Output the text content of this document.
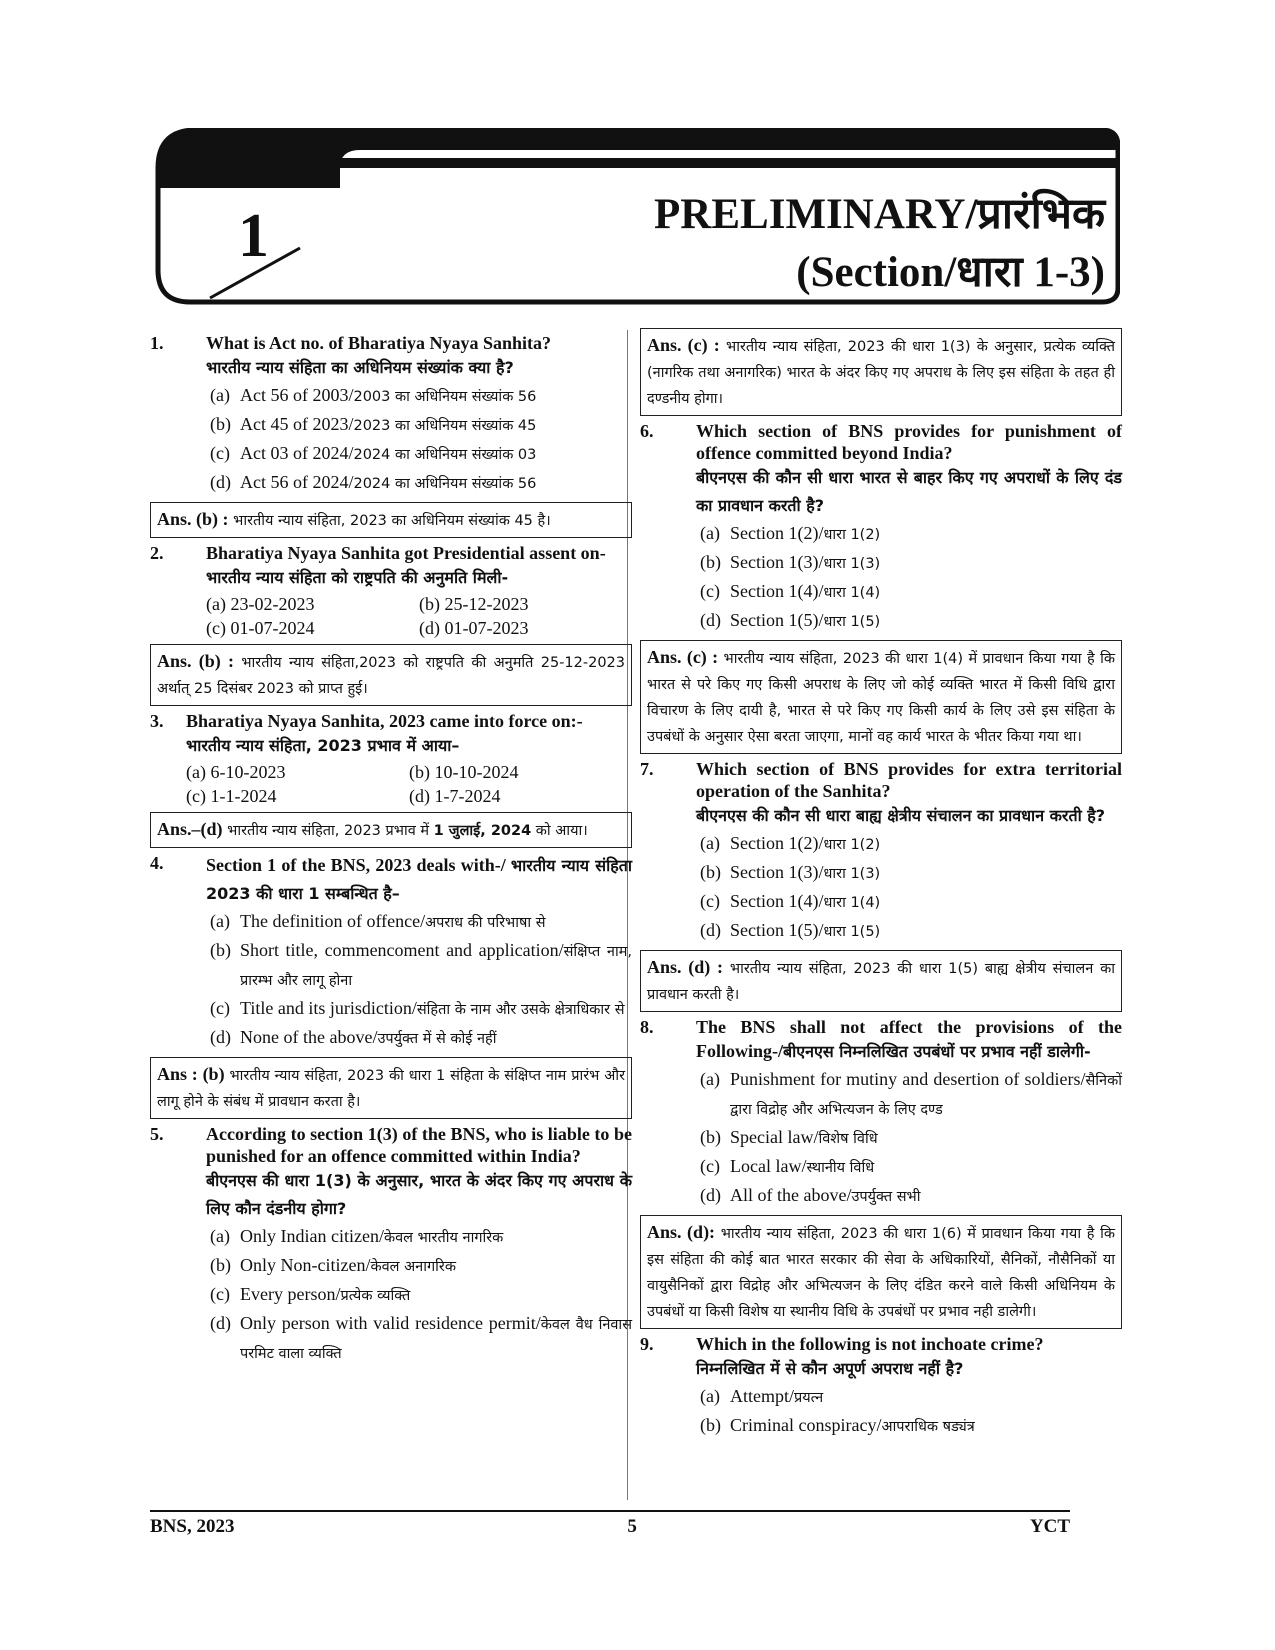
अध्याय
1	PRELIMINARY/प्रारंभिक
(Section/धारा 1-3)
1.	What is Act no. of Bharatiya Nyaya Sanhita?
भारतीय न्याय संहिता का अधिनियम संख्यांक क्या है?
(a) Act 56 of 2003/2003 का अधिनियम संख्यांक 56
(b) Act 45 of 2023/2023 का अधिनियम संख्यांक 45
(c) Act 03 of 2024/2024 का अधिनियम संख्यांक 03
(d) Act 56 of 2024/2024 का अधिनियम संख्यांक 56
Ans. (b) : भारतीय न्याय संहिता, 2023 का अधिनियम संख्यांक 45 है।
2.	Bharatiya Nyaya Sanhita got Presidential assent on-
भारतीय न्याय संहिता को राष्ट्रपति की अनुमति मिली-
(a) 23-02-2023	(b) 25-12-2023
(c) 01-07-2024	(d) 01-07-2023
Ans. (b) : भारतीय न्याय संहिता,2023 को राष्ट्रपति की अनुमति 25-12-2023 अर्थात् 25 दिसंबर 2023 को प्राप्त हुई।
3.	Bharatiya Nyaya Sanhita, 2023 came into force on:-
भारतीय न्याय संहिता, 2023 प्रभाव में आया–
(a) 6-10-2023	(b) 10-10-2024
(c) 1-1-2024	(d) 1-7-2024
Ans.–(d) भारतीय न्याय संहिता, 2023 प्रभाव में 1 जुलाई, 2024 को आया।
4.	Section 1 of the BNS, 2023 deals with-/ भारतीय न्याय संहिता 2023 की धारा 1 सम्बन्धित है–
(a) The definition of offence/अपराध की परिभाषा से
(b) Short title, commencoment and application/संक्षिप्त नाम, प्रारम्भ और लागू होना
(c) Title and its jurisdiction/संहिता के नाम और उसके क्षेत्राधिकार से
(d) None of the above/उपर्युक्त में से कोई नहीं
Ans : (b) भारतीय न्याय संहिता, 2023 की धारा 1 संहिता के संक्षिप्त नाम प्रारंभ और लागू होने के संबंध में प्रावधान करता है।
5.	According to section 1(3) of the BNS, who is liable to be punished for an offence committed within India?
बीएनएस की धारा 1(3) के अनुसार, भारत के अंदर किए गए अपराध के लिए कौन दंडनीय होगा?
(a) Only Indian citizen/केवल भारतीय नागरिक
(b) Only Non-citizen/केवल अनागरिक
(c) Every person/प्रत्येक व्यक्ति
(d) Only person with valid residence permit/केवल वैध निवास परमिट वाला व्यक्ति
Ans. (c) : भारतीय न्याय संहिता, 2023 की धारा 1(3) के अनुसार, प्रत्येक व्यक्ति (नागरिक तथा अनागरिक) भारत के अंदर किए गए अपराध के लिए इस संहिता के तहत ही दण्डनीय होगा।
6.	Which section of BNS provides for punishment of offence committed beyond India?
बीएनएस की कौन सी धारा भारत से बाहर किए गए अपराधों के लिए दंड का प्रावधान करती है?
(a) Section 1(2)/धारा 1(2)
(b) Section 1(3)/धारा 1(3)
(c) Section 1(4)/धारा 1(4)
(d) Section 1(5)/धारा 1(5)
Ans. (c) : भारतीय न्याय संहिता, 2023 की धारा 1(4) में प्रावधान किया गया है कि भारत से परे किए गए किसी अपराध के लिए जो कोई व्यक्ति भारत में किसी विधि द्वारा विचारण के लिए दायी है, भारत से परे किए गए किसी कार्य के लिए उसे इस संहिता के उपबंधों के अनुसार ऐसा बरता जाएगा, मानों वह कार्य भारत के भीतर किया गया था।
7.	Which section of BNS provides for extra territorial operation of the Sanhita?
बीएनएस की कौन सी धारा बाह्य क्षेत्रीय संचालन का प्रावधान करती है?
(a) Section 1(2)/धारा 1(2)
(b) Section 1(3)/धारा 1(3)
(c) Section 1(4)/धारा 1(4)
(d) Section 1(5)/धारा 1(5)
Ans. (d) : भारतीय न्याय संहिता, 2023 की धारा 1(5) बाह्य क्षेत्रीय संचालन का प्रावधान करती है।
8.	The BNS shall not affect the provisions of the Following-/बीएनएस निम्नलिखित उपबंधों पर प्रभाव नहीं डालेगी-
(a) Punishment for mutiny and desertion of soldiers/सैनिकों द्वारा विद्रोह और अभित्यजन के लिए दण्ड
(b) Special law/विशेष विधि
(c) Local law/स्थानीय विधि
(d) All of the above/उपर्युक्त सभी
Ans. (d): भारतीय न्याय संहिता, 2023 की धारा 1(6) में प्रावधान किया गया है कि इस संहिता की कोई बात भारत सरकार की सेवा के अधिकारियों, सैनिकों, नौसैनिकों या वायुसैनिकों द्वारा विद्रोह और अभित्यजन के लिए दंडित करने वाले किसी अधिनियम के उपबंधों या किसी विशेष या स्थानीय विधि के उपबंधों पर प्रभाव नही डालेगी।
9.	Which in the following is not inchoate crime?
निम्नलिखित में से कौन अपूर्ण अपराध नहीं है?
(a) Attempt/प्रयत्न
(b) Criminal conspiracy/आपराधिक षड्यंत्र
BNS, 2023	5	YCT
